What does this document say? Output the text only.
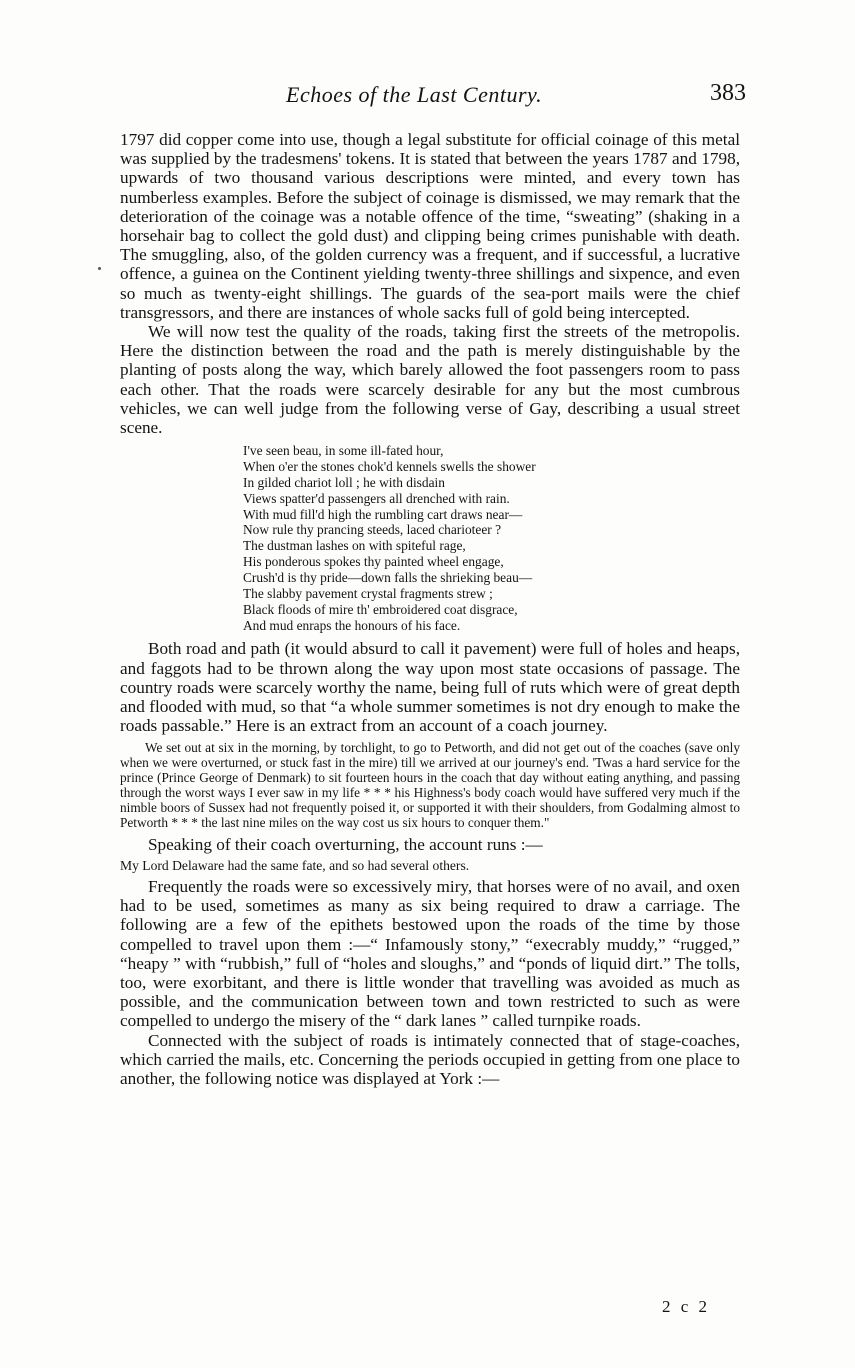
Echoes of the Last Century.	383

1797 did copper come into use, though a legal substitute for official coinage of this metal was supplied by the tradesmens' tokens. It is stated that between the years 1787 and 1798, upwards of two thousand various descriptions were minted, and every town has numberless examples. Before the subject of coinage is dismissed, we may remark that the deterioration of the coinage was a notable offence of the time, “sweating” (shaking in a horsehair bag to collect the gold dust) and clipping being crimes punishable with death. The smuggling, also, of the golden currency was a frequent, and if successful, a lucrative offence, a guinea on the Continent yielding twenty-three shillings and sixpence, and even so much as twenty-eight shillings. The guards of the sea-port mails were the chief transgressors, and there are instances of whole sacks full of gold being intercepted.

We will now test the quality of the roads, taking first the streets of the metropolis. Here the distinction between the road and the path is merely distinguishable by the planting of posts along the way, which barely allowed the foot passengers room to pass each other. That the roads were scarcely desirable for any but the most cumbrous vehicles, we can well judge from the following verse of Gay, describing a usual street scene.

I've seen beau, in some ill-fated hour,
When o'er the stones chok'd kennels swells the shower
In gilded chariot loll ; he with disdain
Views spatter'd passengers all drenched with rain.
With mud fill'd high the rumbling cart draws near—
Now rule thy prancing steeds, laced charioteer ?
The dustman lashes on with spiteful rage,
His ponderous spokes thy painted wheel engage,
Crush'd is thy pride—down falls the shrieking beau—
The slabby pavement crystal fragments strew ;
Black floods of mire th' embroidered coat disgrace,
And mud enraps the honours of his face.

Both road and path (it would absurd to call it pavement) were full of holes and heaps, and faggots had to be thrown along the way upon most state occasions of passage. The country roads were scarcely worthy the name, being full of ruts which were of great depth and flooded with mud, so that “a whole summer sometimes is not dry enough to make the roads passable.” Here is an extract from an account of a coach journey.

We set out at six in the morning, by torchlight, to go to Petworth, and did not get out of the coaches (save only when we were overturned, or stuck fast in the mire) till we arrived at our journey's end. 'Twas a hard service for the prince (Prince George of Denmark) to sit fourteen hours in the coach that day without eating anything, and passing through the worst ways I ever saw in my life * * * his Highness's body coach would have suffered very much if the nimble boors of Sussex had not frequently poised it, or supported it with their shoulders, from Godalming almost to Petworth * * * the last nine miles on the way cost us six hours to conquer them."

Speaking of their coach overturning, the account runs :—

My Lord Delaware had the same fate, and so had several others.

Frequently the roads were so excessively miry, that horses were of no avail, and oxen had to be used, sometimes as many as six being required to draw a carriage. The following are a few of the epithets bestowed upon the roads of the time by those compelled to travel upon them :—“ Infamously stony,” “execrably muddy,” “rugged,” “heapy ” with “rubbish,” full of “holes and sloughs,” and “ponds of liquid dirt.” The tolls, too, were exorbitant, and there is little wonder that travelling was avoided as much as possible, and the communication between town and town restricted to such as were compelled to undergo the misery of the “ dark lanes ” called turnpike roads.

Connected with the subject of roads is intimately connected that of stage-coaches, which carried the mails, etc. Concerning the periods occupied in getting from one place to another, the following notice was displayed at York :—

2 c 2
